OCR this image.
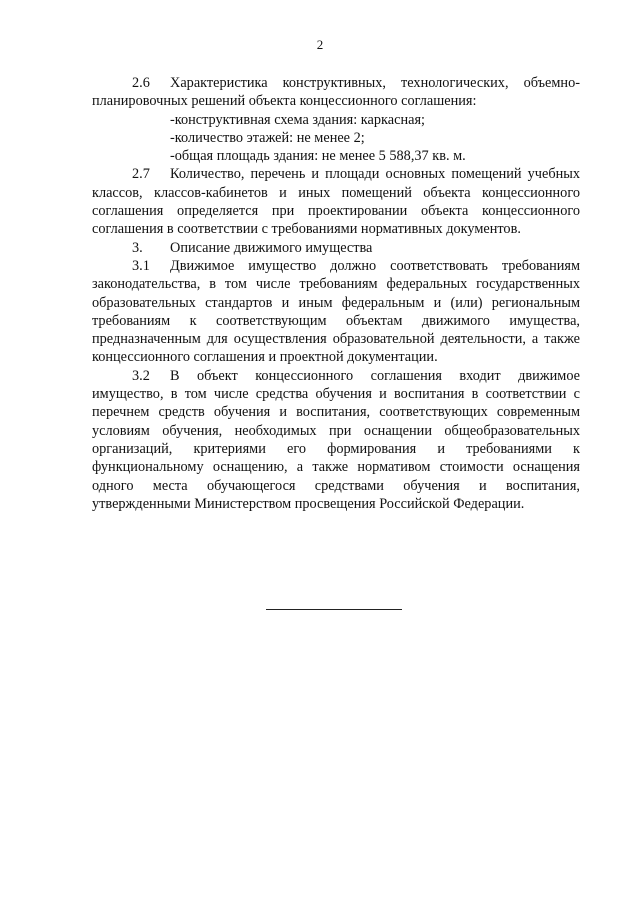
2

2.6 Характеристика конструктивных, технологических, объемно-планировочных решений объекта концессионного соглашения:

-конструктивная схема здания: каркасная;

-количество этажей: не менее 2;

-общая площадь здания: не менее 5 588,37 кв. м.

2.7 Количество, перечень и площади основных помещений учебных классов, классов-кабинетов и иных помещений объекта концессионного соглашения определяется при проектировании объекта концессионного соглашения в соответствии с требованиями нормативных документов.

3. Описание движимого имущества

3.1 Движимое имущество должно соответствовать требованиям законодательства, в том числе требованиям федеральных государственных образовательных стандартов и иным федеральным и (или) региональным требованиям к соответствующим объектам движимого имущества, предназначенным для осуществления образовательной деятельности, а также концессионного соглашения и проектной документации.

3.2 В объект концессионного соглашения входит движимое имущество, в том числе средства обучения и воспитания в соответствии с перечнем средств обучения и воспитания, соответствующих современным условиям обучения, необходимых при оснащении общеобразовательных организаций, критериями его формирования и требованиями к функциональному оснащению, а также нормативом стоимости оснащения одного места обучающегося средствами обучения и воспитания, утвержденными Министерством просвещения Российской Федерации.
